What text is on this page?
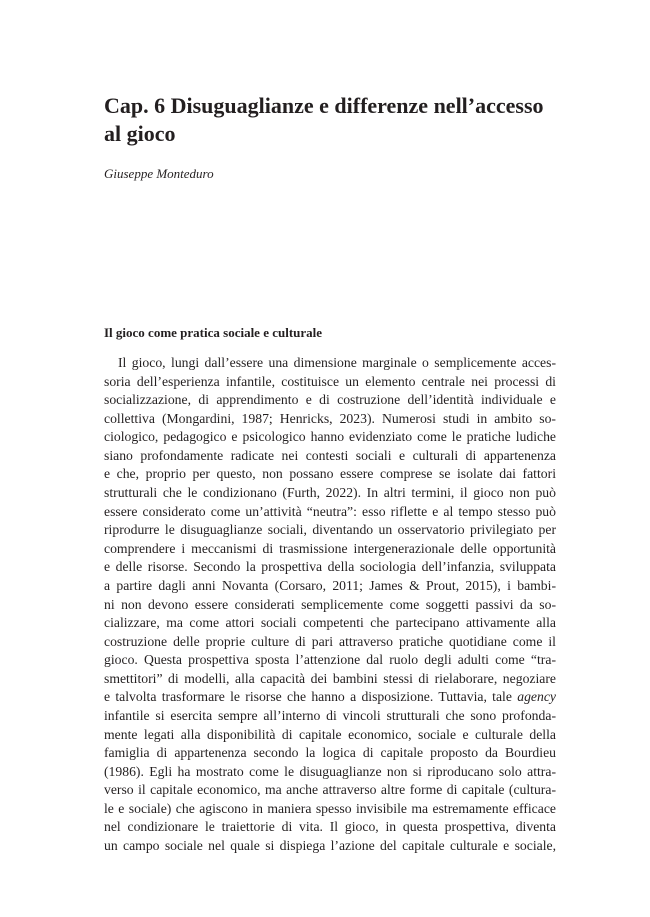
Cap. 6 Disuguaglianze e differenze nell’accesso al gioco

Giuseppe Monteduro

Il gioco come pratica sociale e culturale
Il gioco, lungi dall’essere una dimensione marginale o semplicemente acces-
soria dell’esperienza infantile, costituisce un elemento centrale nei processi di
socializzazione, di apprendimento e di costruzione dell’identità individuale e
collettiva (Mongardini, 1987; Henricks, 2023). Numerosi studi in ambito so-
ciologico, pedagogico e psicologico hanno evidenziato come le pratiche ludiche
siano profondamente radicate nei contesti sociali e culturali di appartenenza
e che, proprio per questo, non possano essere comprese se isolate dai fattori
strutturali che le condizionano (Furth, 2022). In altri termini, il gioco non può
essere considerato come un’attività “neutra”: esso riflette e al tempo stesso può
riprodurre le disuguaglianze sociali, diventando un osservatorio privilegiato per
comprendere i meccanismi di trasmissione intergenerazionale delle opportunità
e delle risorse. Secondo la prospettiva della sociologia dell’infanzia, sviluppata
a partire dagli anni Novanta (Corsaro, 2011; James & Prout, 2015), i bambi-
ni non devono essere considerati semplicemente come soggetti passivi da so-
cializzare, ma come attori sociali competenti che partecipano attivamente alla
costruzione delle proprie culture di pari attraverso pratiche quotidiane come il
gioco. Questa prospettiva sposta l’attenzione dal ruolo degli adulti come “tra-
smettitori” di modelli, alla capacità dei bambini stessi di rielaborare, negoziare
e talvolta trasformare le risorse che hanno a disposizione. Tuttavia, tale agency
infantile si esercita sempre all’interno di vincoli strutturali che sono profonda-
mente legati alla disponibilità di capitale economico, sociale e culturale della
famiglia di appartenenza secondo la logica di capitale proposto da Bourdieu
(1986). Egli ha mostrato come le disuguaglianze non si riproducano solo attra-
verso il capitale economico, ma anche attraverso altre forme di capitale (cultura-
le e sociale) che agiscono in maniera spesso invisibile ma estremamente efficace
nel condizionare le traiettorie di vita. Il gioco, in questa prospettiva, diventa
un campo sociale nel quale si dispiega l’azione del capitale culturale e sociale,
